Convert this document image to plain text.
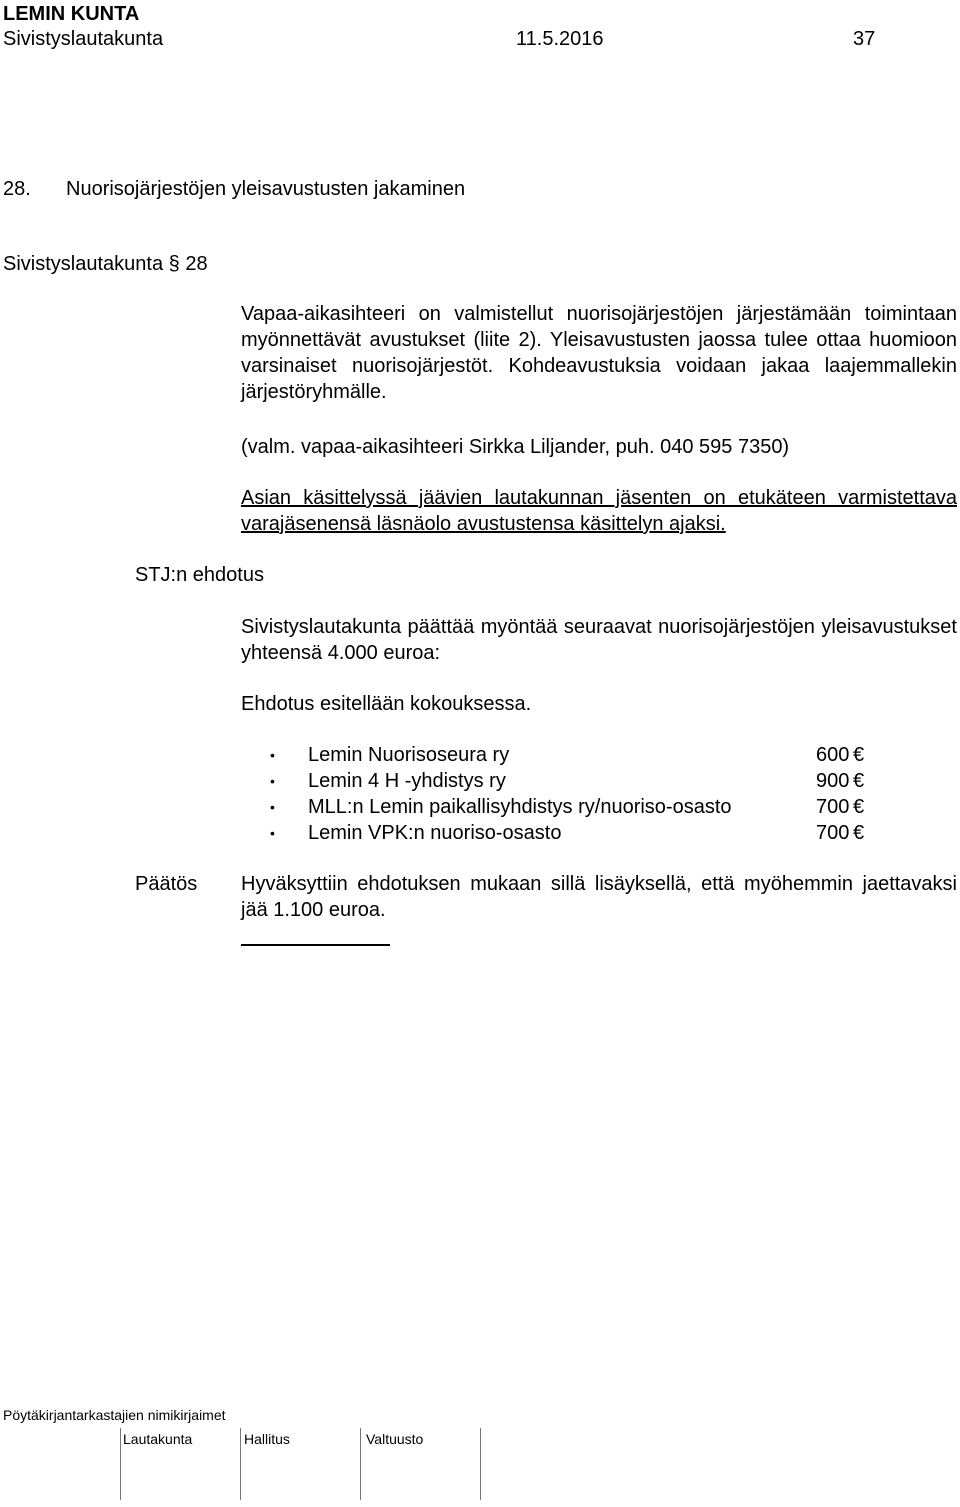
LEMIN KUNTA
Sivistyslautakunta	11.5.2016	37
28. Nuorisojärjestöjen yleisavustusten jakaminen
Sivistyslautakunta § 28
Vapaa-aikasihteeri on valmistellut nuorisojärjestöjen järjestämään toimintaan myönnettävät avustukset (liite 2). Yleisavustusten jaossa tulee ottaa huomioon varsinaiset nuorisojärjestöt. Kohdeavustuksia voidaan jakaa laajemmallekin järjestöryhmälle.
(valm. vapaa-aikasihteeri Sirkka Liljander, puh. 040 595 7350)
Asian käsittelyssä jäävien lautakunnan jäsenten on etukäteen varmistettava varajäsenensä läsnäolo avustustensa käsittelyn ajaksi.
STJ:n ehdotus
Sivistyslautakunta päättää myöntää seuraavat nuorisojärjestöjen yleisavustukset yhteensä 4.000 euroa:
Ehdotus esitellään kokouksessa.
• Lemin Nuorisoseura ry	600 €
• Lemin 4 H -yhdistys ry	900 €
• MLL:n Lemin paikallisyhdistys ry/nuoriso-osasto	700 €
• Lemin VPK:n nuoriso-osasto	700 €
Päätös Hyväksyttiin ehdotuksen mukaan sillä lisäyksellä, että myöhemmin jaettavaksi jää 1.100 euroa.
Pöytäkirjantarkastajien nimikirjaimet
Lautakunta	Hallitus	Valtuusto
